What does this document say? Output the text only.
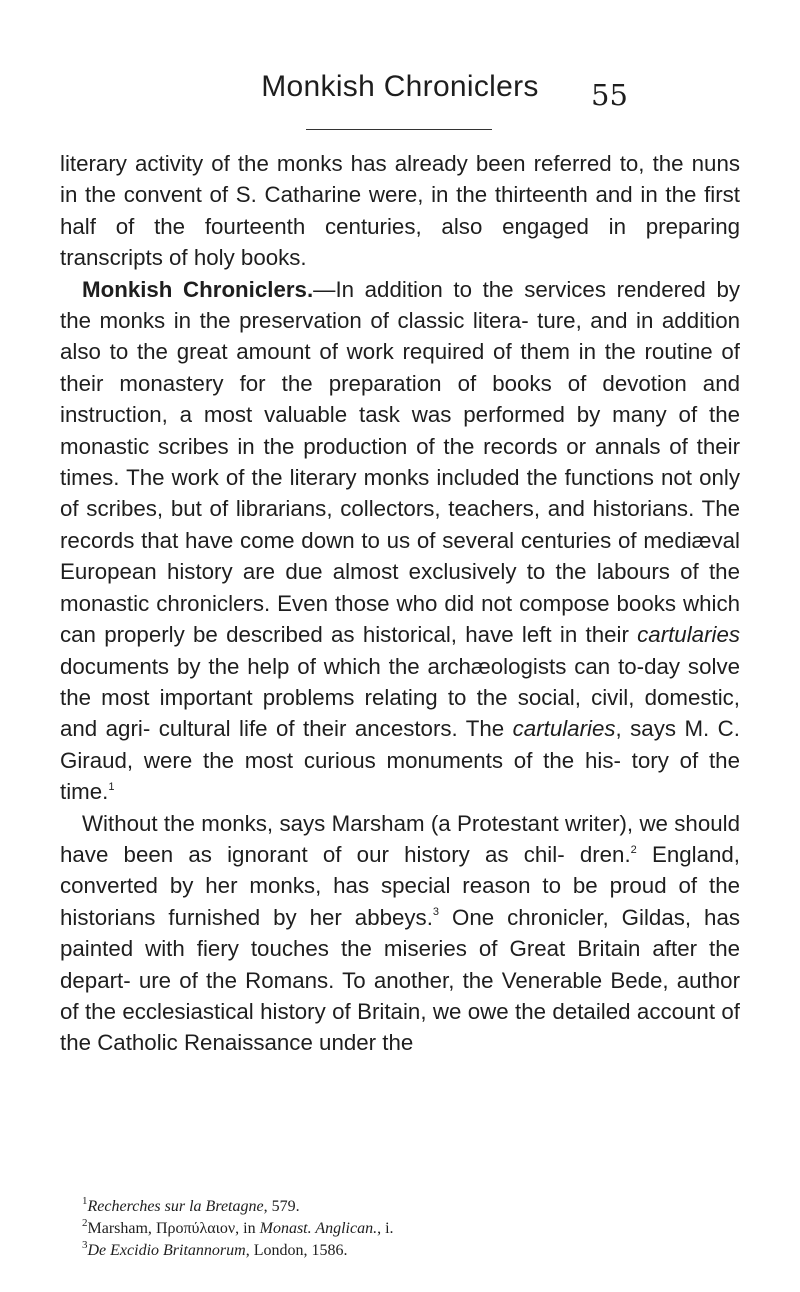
Monkish Chroniclers	55

literary activity of the monks has already been referred to, the nuns in the convent of S. Catharine were, in the thirteenth and in the first half of the fourteenth centuries, also engaged in preparing transcripts of holy books.

Monkish Chroniclers.—In addition to the services rendered by the monks in the preservation of classic litera- ture, and in addition also to the great amount of work required of them in the routine of their monastery for the preparation of books of devotion and instruction, a most valuable task was performed by many of the monastic scribes in the production of the records or annals of their times. The work of the literary monks included the functions not only of scribes, but of librarians, collectors, teachers, and historians. The records that have come down to us of several centuries of mediæval European history are due almost exclusively to the labours of the monastic chroniclers. Even those who did not compose books which can properly be described as historical, have left in their cartularies documents by the help of which the archæologists can to-day solve the most important problems relating to the social, civil, domestic, and agri- cultural life of their ancestors. The cartularies, says M. C. Giraud, were the most curious monuments of the his- tory of the time.$^1$

Without the monks, says Marsham (a Protestant writer), we should have been as ignorant of our history as chil- dren.$^2$ England, converted by her monks, has special reason to be proud of the historians furnished by her abbeys.$^3$ One chronicler, Gildas, has painted with fiery touches the miseries of Great Britain after the depart- ure of the Romans. To another, the Venerable Bede, author of the ecclesiastical history of Britain, we owe the detailed account of the Catholic Renaissance under the

$^1$Recherches sur la Bretagne, 579.

$^2$Marsham, Προπύλαιον, in Monast. Anglican., i.

$^3$De Excidio Britannorum, London, 1586.
